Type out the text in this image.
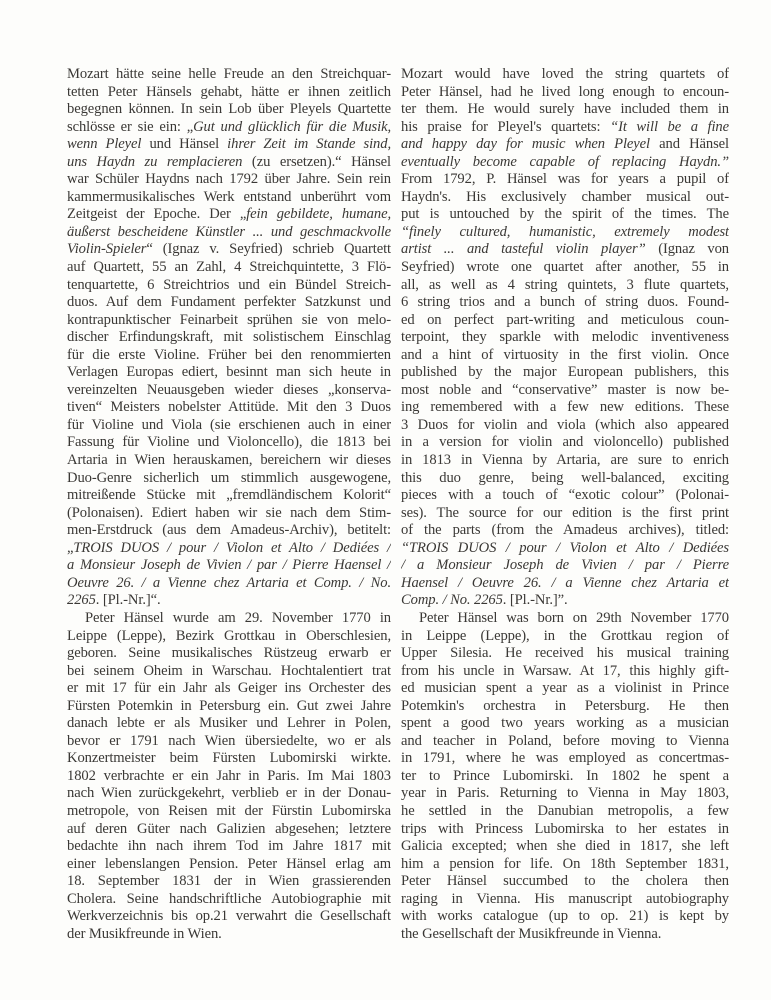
Mozart hätte seine helle Freude an den Streichquar-
tetten Peter Hänsels gehabt, hätte er ihnen zeitlich
begegnen können. In sein Lob über Pleyels Quartette
schlösse er sie ein: „Gut und glücklich für die Musik,
wenn Pleyel und Hänsel ihrer Zeit im Stande sind,
uns Haydn zu remplacieren (zu ersetzen).“ Hänsel
war Schüler Haydns nach 1792 über Jahre. Sein rein
kammermusikalisches Werk entstand unberührt vom
Zeitgeist der Epoche. Der „fein gebildete, humane,
äußerst bescheidene Künstler ... und geschmackvolle
Violin-Spieler“ (Ignaz v. Seyfried) schrieb Quartett
auf Quartett, 55 an Zahl, 4 Streichquintette, 3 Flö-
tenquartette, 6 Streichtrios und ein Bündel Streich-
duos. Auf dem Fundament perfekter Satzkunst und
kontrapunktischer Feinarbeit sprühen sie von melo-
discher Erfindungskraft, mit solistischem Einschlag
für die erste Violine. Früher bei den renommierten
Verlagen Europas ediert, besinnt man sich heute in
vereinzelten Neuausgeben wieder dieses „konserva-
tiven“ Meisters nobelster Attitüde. Mit den 3 Duos
für Violine und Viola (sie erschienen auch in einer
Fassung für Violine und Violoncello), die 1813 bei
Artaria in Wien herauskamen, bereichern wir dieses
Duo-Genre sicherlich um stimmlich ausgewogene,
mitreißende Stücke mit „fremdländischem Kolorit“
(Polonaisen). Ediert haben wir sie nach dem Stim-
men-Erstdruck (aus dem Amadeus-Archiv), betitelt:
„TROIS DUOS / pour / Violon et Alto / Dediées /
a Monsieur Joseph de Vivien / par / Pierre Haensel /
Oeuvre 26. / a Vienne chez Artaria et Comp. / No.
2265. [Pl.-Nr.]“.
Peter Hänsel wurde am 29. November 1770 in
Leippe (Leppe), Bezirk Grottkau in Oberschlesien,
geboren. Seine musikalisches Rüstzeug erwarb er
bei seinem Oheim in Warschau. Hochtalentiert trat
er mit 17 für ein Jahr als Geiger ins Orchester des
Fürsten Potemkin in Petersburg ein. Gut zwei Jahre
danach lebte er als Musiker und Lehrer in Polen,
bevor er 1791 nach Wien übersiedelte, wo er als
Konzertmeister beim Fürsten Lubomirski wirkte.
1802 verbrachte er ein Jahr in Paris. Im Mai 1803
nach Wien zurückgekehrt, verblieb er in der Donau-
metropole, von Reisen mit der Fürstin Lubomirska
auf deren Güter nach Galizien abgesehen; letztere
bedachte ihn nach ihrem Tod im Jahre 1817 mit
einer lebenslangen Pension. Peter Hänsel erlag am
18. September 1831 der in Wien grassierenden
Cholera. Seine handschriftliche Autobiographie mit
Werkverzeichnis bis op.21 verwahrt die Gesellschaft
der Musikfreunde in Wien.
Mozart would have loved the string quartets of
Peter Hänsel, had he lived long enough to encoun-
ter them. He would surely have included them in
his praise for Pleyel's quartets: “It will be a fine
and happy day for music when Pleyel and Hänsel
eventually become capable of replacing Haydn.”
From 1792, P. Hänsel was for years a pupil of
Haydn's. His exclusively chamber musical out-
put is untouched by the spirit of the times. The
“finely cultured, humanistic, extremely modest
artist ... and tasteful violin player” (Ignaz von
Seyfried) wrote one quartet after another, 55 in
all, as well as 4 string quintets, 3 flute quartets,
6 string trios and a bunch of string duos. Found-
ed on perfect part-writing and meticulous coun-
terpoint, they sparkle with melodic inventiveness
and a hint of virtuosity in the first violin. Once
published by the major European publishers, this
most noble and “conservative” master is now be-
ing remembered with a few new editions. These
3 Duos for violin and viola (which also appeared
in a version for violin and violoncello) published
in 1813 in Vienna by Artaria, are sure to enrich
this duo genre, being well-balanced, exciting
pieces with a touch of “exotic colour” (Polonai-
ses). The source for our edition is the first print
of the parts (from the Amadeus archives), titled:
“TROIS DUOS / pour / Violon et Alto / Dediées
/ a Monsieur Joseph de Vivien / par / Pierre
Haensel / Oeuvre 26. / a Vienne chez Artaria et
Comp. / No. 2265. [Pl.-Nr.]”.
Peter Hänsel was born on 29th November 1770
in Leippe (Leppe), in the Grottkau region of
Upper Silesia. He received his musical training
from his uncle in Warsaw. At 17, this highly gift-
ed musician spent a year as a violinist in Prince
Potemkin's orchestra in Petersburg. He then
spent a good two years working as a musician
and teacher in Poland, before moving to Vienna
in 1791, where he was employed as concertmas-
ter to Prince Lubomirski. In 1802 he spent a
year in Paris. Returning to Vienna in May 1803,
he settled in the Danubian metropolis, a few
trips with Princess Lubomirska to her estates in
Galicia excepted; when she died in 1817, she left
him a pension for life. On 18th September 1831,
Peter Hänsel succumbed to the cholera then
raging in Vienna. His manuscript autobiography
with works catalogue (up to op. 21) is kept by
the Gesellschaft der Musikfreunde in Vienna.
